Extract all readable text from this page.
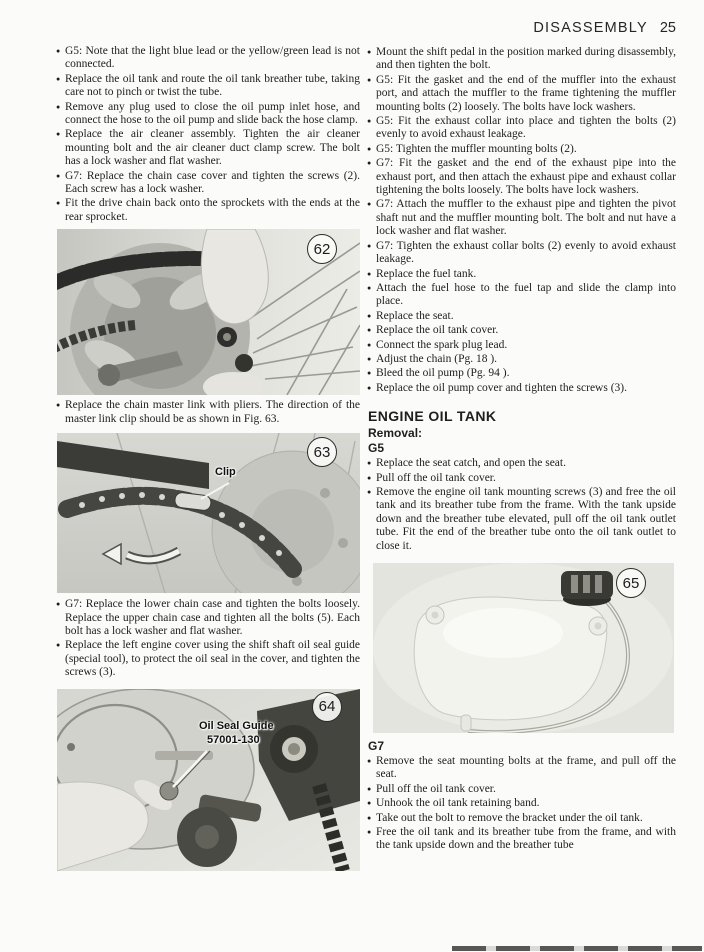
DISASSEMBLY 25

● G5: Note that the light blue lead or the yellow/green lead is not connected.

● Replace the oil tank and route the oil tank breather tube, taking care not to pinch or twist the tube.

● Remove any plug used to close the oil pump inlet hose, and connect the hose to the oil pump and slide back the hose clamp.

● Replace the air cleaner assembly. Tighten the air cleaner mounting bolt and the air cleaner duct clamp screw. The bolt has a lock washer and flat washer.

● G7: Replace the chain case cover and tighten the screws (2). Each screw has a lock washer.

● Fit the drive chain back onto the sprockets with the ends at the rear sprocket.

62

● Replace the chain master link with pliers. The direction of the master link clip should be as shown in Fig. 63.

Clip
63

● G7: Replace the lower chain case and tighten the bolts loosely. Replace the upper chain case and tighten all the bolts (5). Each bolt has a lock washer and flat washer.

● Replace the left engine cover using the shift shaft oil seal guide (special tool), to protect the oil seal in the cover, and tighten the screws (3).

Oil Seal Guide
57001-130
64

● Mount the shift pedal in the position marked during disassembly, and then tighten the bolt.

● G5: Fit the gasket and the end of the muffler into the exhaust port, and attach the muffler to the frame tightening the muffler mounting bolts (2) loosely. The bolts have lock washers.

● G5: Fit the exhaust collar into place and tighten the bolts (2) evenly to avoid exhaust leakage.

● G5: Tighten the muffler mounting bolts (2).

● G7: Fit the gasket and the end of the exhaust pipe into the exhaust port, and then attach the exhaust pipe and exhaust collar tightening the bolts loosely. The bolts have lock washers.

● G7: Attach the muffler to the exhaust pipe and tighten the pivot shaft nut and the muffler mounting bolt. The bolt and nut have a lock washer and flat washer.

● G7: Tighten the exhaust collar bolts (2) evenly to avoid exhaust leakage.

● Replace the fuel tank.

● Attach the fuel hose to the fuel tap and slide the clamp into place.

● Replace the seat.

● Replace the oil tank cover.

● Connect the spark plug lead.

● Adjust the chain (Pg. 18 ).

● Bleed the oil pump (Pg. 94 ).

● Replace the oil pump cover and tighten the screws (3).

ENGINE OIL TANK
Removal:
G5

● Replace the seat catch, and open the seat.

● Pull off the oil tank cover.

● Remove the engine oil tank mounting screws (3) and free the oil tank and its breather tube from the frame. With the tank upside down and the breather tube elevated, pull off the oil tank outlet tube. Fit the end of the breather tube onto the oil tank outlet to close it.

65
G7

● Remove the seat mounting bolts at the frame, and pull off the seat.

● Pull off the oil tank cover.

● Unhook the oil tank retaining band.

● Take out the bolt to remove the bracket under the oil tank.

● Free the oil tank and its breather tube from the frame, and with the tank upside down and the breather tube
